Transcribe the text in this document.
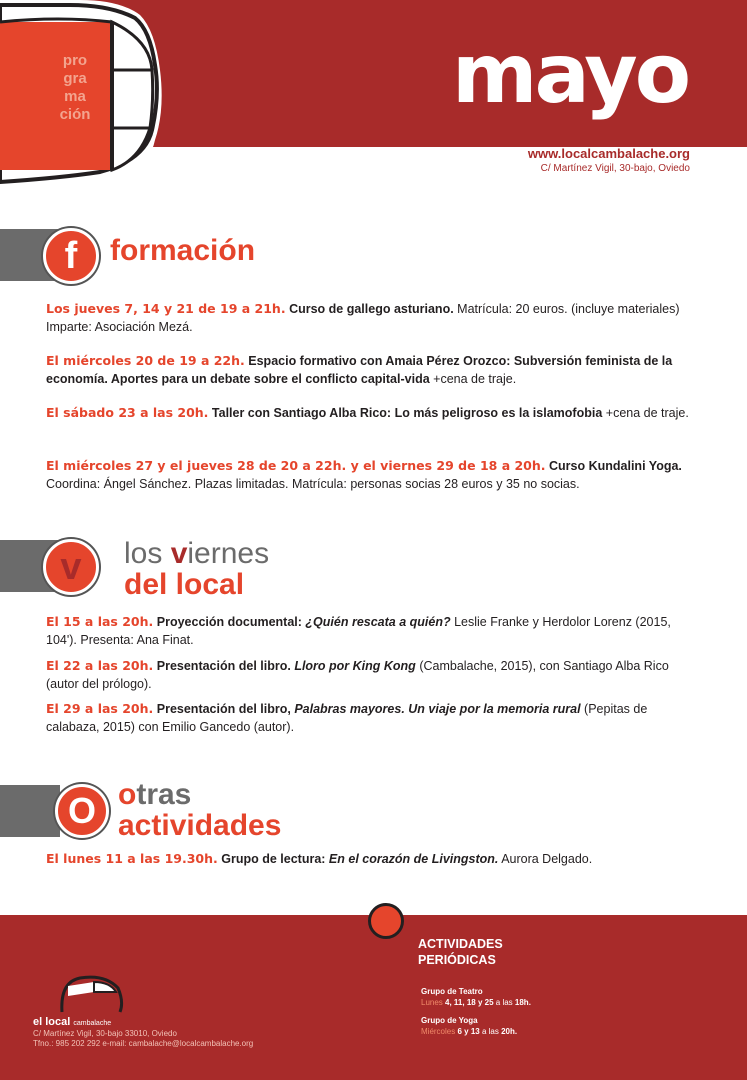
pro
gra
ma
ción	mayo
www.localcambalache.org
C/ Martínez Vigil, 30-bajo, Oviedo
f	formación
Los jueves 7, 14 y 21 de 19 a 21h. Curso de gallego asturiano. Matrícula: 20 euros. (incluye materiales) Imparte: Asociación Mezá.
El miércoles 20 de 19 a 22h. Espacio formativo con Amaia Pérez Orozco: Subversión feminista de la economía. Aportes para un debate sobre el conflicto capital-vida +cena de traje.
El sábado 23 a las 20h. Taller con Santiago Alba Rico: Lo más peligroso es la islamofobia +cena de traje.
El miércoles 27 y el jueves 28 de 20 a 22h. y el viernes 29 de 18 a 20h. Curso Kundalini Yoga. Coordina: Ángel Sánchez. Plazas limitadas. Matrícula: personas socias 28 euros y 35 no socias.
v	los viernes
del local
El 15 a las 20h. Proyección documental: ¿Quién rescata a quién? Leslie Franke y Herdolor Lorenz (2015, 104'). Presenta: Ana Finat.
El 22 a las 20h. Presentación del libro. Lloro por King Kong (Cambalache, 2015), con Santiago Alba Rico (autor del prólogo).
El 29 a las 20h. Presentación del libro, Palabras mayores. Un viaje por la memoria rural (Pepitas de calabaza, 2015) con Emilio Gancedo (autor).
O otras
actividades
El lunes 11 a las 19.30h. Grupo de lectura: En el corazón de Livingston. Aurora Delgado.
ACTIVIDADES
PERIÓDICAS
Grupo de Teatro
Lunes 4, 11, 18 y 25 a las 18h.
Grupo de Yoga
Miércoles 6 y 13 a las 20h.
el local cambalache
C/ Martínez Vigil, 30-bajo 33010, Oviedo
Tfno.: 985 202 292 e-mail: cambalache@localcambalache.org
